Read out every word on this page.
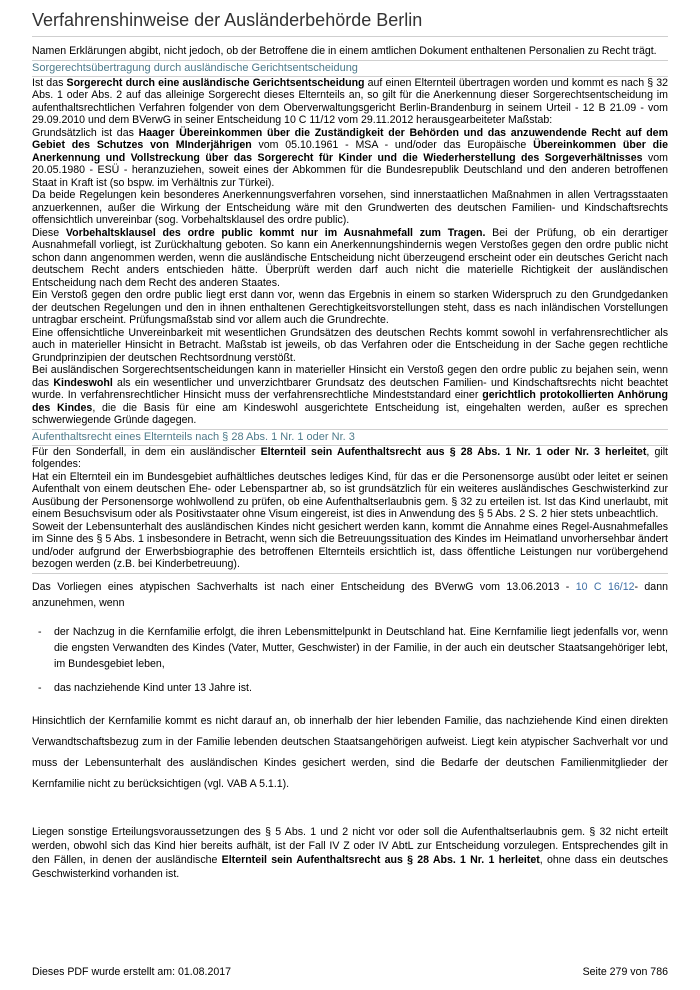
Verfahrenshinweise der Ausländerbehörde Berlin

Namen Erklärungen abgibt, nicht jedoch, ob der Betroffene die in einem amtlichen Dokument enthaltenen Personalien zu Recht trägt.

Sorgerechtsübertragung durch ausländische Gerichtsentscheidung

Ist das Sorgerecht durch eine ausländische Gerichtsentscheidung auf einen Elternteil übertragen worden und kommt es nach § 32 Abs. 1 oder Abs. 2 auf das alleinige Sorgerecht dieses Elternteils an, so gilt für die Anerkennung dieser Sorgerechtsentscheidung im aufenthaltsrechtlichen Verfahren folgender von dem Oberverwaltungsgericht Berlin-Brandenburg in seinem Urteil - 12 B 21.09 - vom 29.09.2010 und dem BVerwG in seiner Entscheidung 10 C 11/12 vom 29.11.2012 herausgearbeiteter Maßstab:

Grundsätzlich ist das Haager Übereinkommen über die Zuständigkeit der Behörden und das anzuwendende Recht auf dem Gebiet des Schutzes von MInderjährigen vom 05.10.1961 - MSA - und/oder das Europäische Übereinkommen über die Anerkennung und Vollstreckung über das Sorgerecht für Kinder und die Wiederherstellung des Sorgeverhältnisses vom 20.05.1980 - ESÜ - heranzuziehen, soweit eines der Abkommen für die Bundesrepublik Deutschland und den anderen betroffenen Staat in Kraft ist (so bspw. im Verhältnis zur Türkei).

Da beide Regelungen kein besonderes Anerkennungsverfahren vorsehen, sind innerstaatlichen Maßnahmen in allen Vertragsstaaten anzuerkennen, außer die Wirkung der Entscheidung wäre mit den Grundwerten des deutschen Familien- und Kindschaftsrechts offensichtlich unvereinbar (sog. Vorbehaltsklausel des ordre public).

Diese Vorbehaltsklausel des ordre public kommt nur im Ausnahmefall zum Tragen. Bei der Prüfung, ob ein derartiger Ausnahmefall vorliegt, ist Zurückhaltung geboten. So kann ein Anerkennungshindernis wegen Verstoßes gegen den ordre public nicht schon dann angenommen werden, wenn die ausländische Entscheidung nicht überzeugend erscheint oder ein deutsches Gericht nach deutschem Recht anders entschieden hätte. Überprüft werden darf auch nicht die materielle Richtigkeit der ausländischen Entscheidung nach dem Recht des anderen Staates.

Ein Verstoß gegen den ordre public liegt erst dann vor, wenn das Ergebnis in einem so starken Widerspruch zu den Grundgedanken der deutschen Regelungen und den in ihnen enthaltenen Gerechtigkeitsvorstellungen steht, dass es nach inländischen Vorstellungen untragbar erscheint. Prüfungsmaßstab sind vor allem auch die Grundrechte.

Eine offensichtliche Unvereinbarkeit mit wesentlichen Grundsätzen des deutschen Rechts kommt sowohl in verfahrensrechtlicher als auch in materieller Hinsicht in Betracht. Maßstab ist jeweils, ob das Verfahren oder die Entscheidung in der Sache gegen rechtliche Grundprinzipien der deutschen Rechtsordnung verstößt.

Bei ausländischen Sorgerechtsentscheidungen kann in materieller Hinsicht ein Verstoß gegen den ordre public zu bejahen sein, wenn das Kindeswohl als ein wesentlicher und unverzichtbarer Grundsatz des deutschen Familien- und Kindschaftsrechts nicht beachtet wurde. In verfahrensrechtlicher Hinsicht muss der verfahrensrechtliche Mindeststandard einer gerichtlich protokollierten Anhörung des Kindes, die die Basis für eine am Kindeswohl ausgerichtete Entscheidung ist, eingehalten werden, außer es sprechen schwerwiegende Gründe dagegen.

Aufenthaltsrecht eines Elternteils nach § 28 Abs. 1 Nr. 1 oder Nr. 3

Für den Sonderfall, in dem ein ausländischer Elternteil sein Aufenthaltsrecht aus § 28 Abs. 1 Nr. 1 oder Nr. 3 herleitet, gilt folgendes:

Hat ein Elternteil ein im Bundesgebiet aufhältliches deutsches lediges Kind, für das er die Personensorge ausübt oder leitet er seinen Aufenthalt von einem deutschen Ehe- oder Lebenspartner ab, so ist grundsätzlich für ein weiteres ausländisches Geschwisterkind zur Ausübung der Personensorge wohlwollend zu prüfen, ob eine Aufenthaltserlaubnis gem. § 32 zu erteilen ist. Ist das Kind unerlaubt, mit einem Besuchsvisum oder als Positivstaater ohne Visum eingereist, ist dies in Anwendung des § 5 Abs. 2 S. 2 hier stets unbeachtlich.

Soweit der Lebensunterhalt des ausländischen Kindes nicht gesichert werden kann, kommt die Annahme eines Regel-Ausnahmefalles im Sinne des § 5 Abs. 1 insbesondere in Betracht, wenn sich die Betreuungssituation des Kindes im Heimatland unvorhersehbar ändert und/oder aufgrund der Erwerbsbiographie des betroffenen Elternteils ersichtlich ist, dass öffentliche Leistungen nur vorübergehend bezogen werden (z.B. bei Kinderbetreuung).

Das Vorliegen eines atypischen Sachverhalts ist nach einer Entscheidung des BVerwG vom 13.06.2013 - 10 C 16/12- dann anzunehmen, wenn

- der Nachzug in die Kernfamilie erfolgt, die ihren Lebensmittelpunkt in Deutschland hat. Eine Kernfamilie liegt jedenfalls vor, wenn die engsten Verwandten des Kindes (Vater, Mutter, Geschwister) in der Familie, in der auch ein deutscher Staatsangehöriger lebt, im Bundesgebiet leben,
- das nachziehende Kind unter 13 Jahre ist.

Hinsichtlich der Kernfamilie kommt es nicht darauf an, ob innerhalb der hier lebenden Familie, das nachziehende Kind einen direkten Verwandtschaftsbezug zum in der Familie lebenden deutschen Staatsangehörigen aufweist. Liegt kein atypischer Sachverhalt vor und muss der Lebensunterhalt des ausländischen Kindes gesichert werden, sind die Bedarfe der deutschen Familienmitglieder der Kernfamilie nicht zu berücksichtigen (vgl. VAB A 5.1.1).

Liegen sonstige Erteilungsvoraussetzungen des § 5 Abs. 1 und 2 nicht vor oder soll die Aufenthaltserlaubnis gem. § 32 nicht erteilt werden, obwohl sich das Kind hier bereits aufhält, ist der Fall IV Z oder IV AbtL zur Entscheidung vorzulegen. Entsprechendes gilt in den Fällen, in denen der ausländische Elternteil sein Aufenthaltsrecht aus § 28 Abs. 1 Nr. 1 herleitet, ohne dass ein deutsches Geschwisterkind vorhanden ist.

Dieses PDF wurde erstellt am: 01.08.2017	Seite 279 von 786
